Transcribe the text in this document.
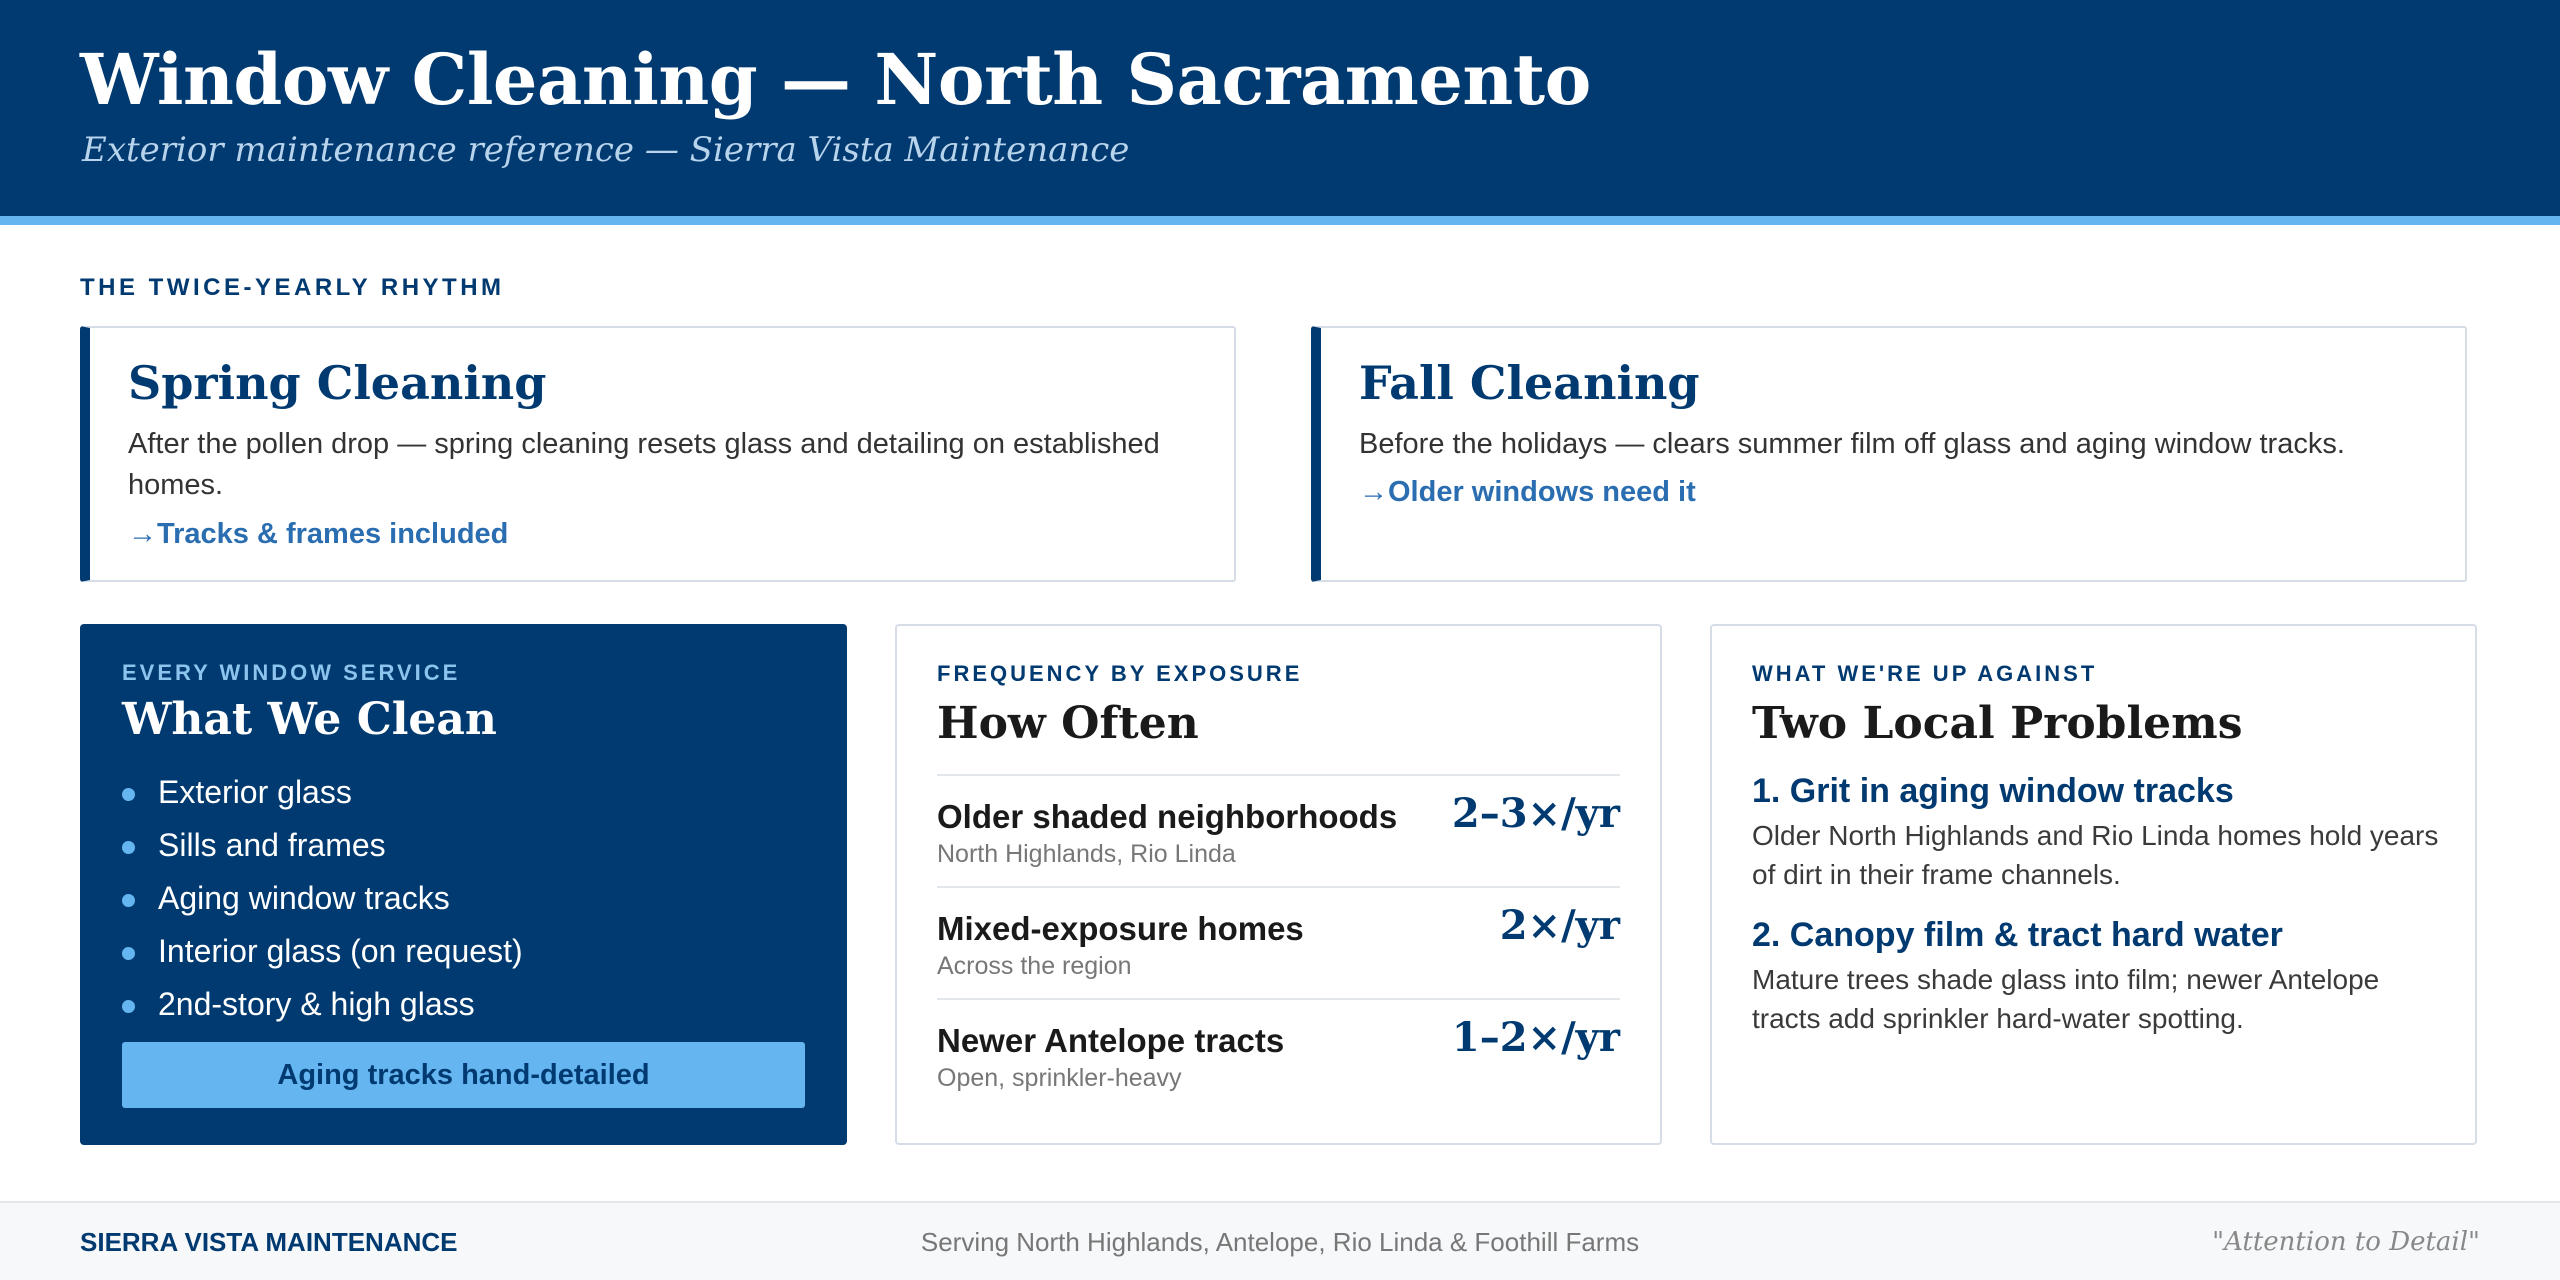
Window Cleaning — North Sacramento

Exterior maintenance reference — Sierra Vista Maintenance

THE TWICE-YEARLY RHYTHM
Spring Cleaning

After the pollen drop — spring cleaning resets glass and detailing on established homes.

→Tracks & frames included
Fall Cleaning

Before the holidays — clears summer film off glass and aging window tracks.

→Older windows need it
EVERY WINDOW SERVICE
What We Clean
Exterior glass
Sills and frames
Aging window tracks
Interior glass (on request)
2nd-story & high glass
Aging tracks hand-detailed
FREQUENCY BY EXPOSURE
How Often
Older shaded neighborhoods
North Highlands, Rio Linda
2–3×/yr
Mixed-exposure homes
Across the region
2×/yr
Newer Antelope tracts
Open, sprinkler-heavy
1–2×/yr
WHAT WE'RE UP AGAINST
Two Local Problems
1. Grit in aging window tracks

Older North Highlands and Rio Linda homes hold years of dirt in their frame channels.

2. Canopy film & tract hard water

Mature trees shade glass into film; newer Antelope tracts add sprinkler hard-water spotting.

Serving North Highlands, Antelope, Rio Linda & Foothill Farms
SIERRA VISTA MAINTENANCE	"Attention to Detail"
